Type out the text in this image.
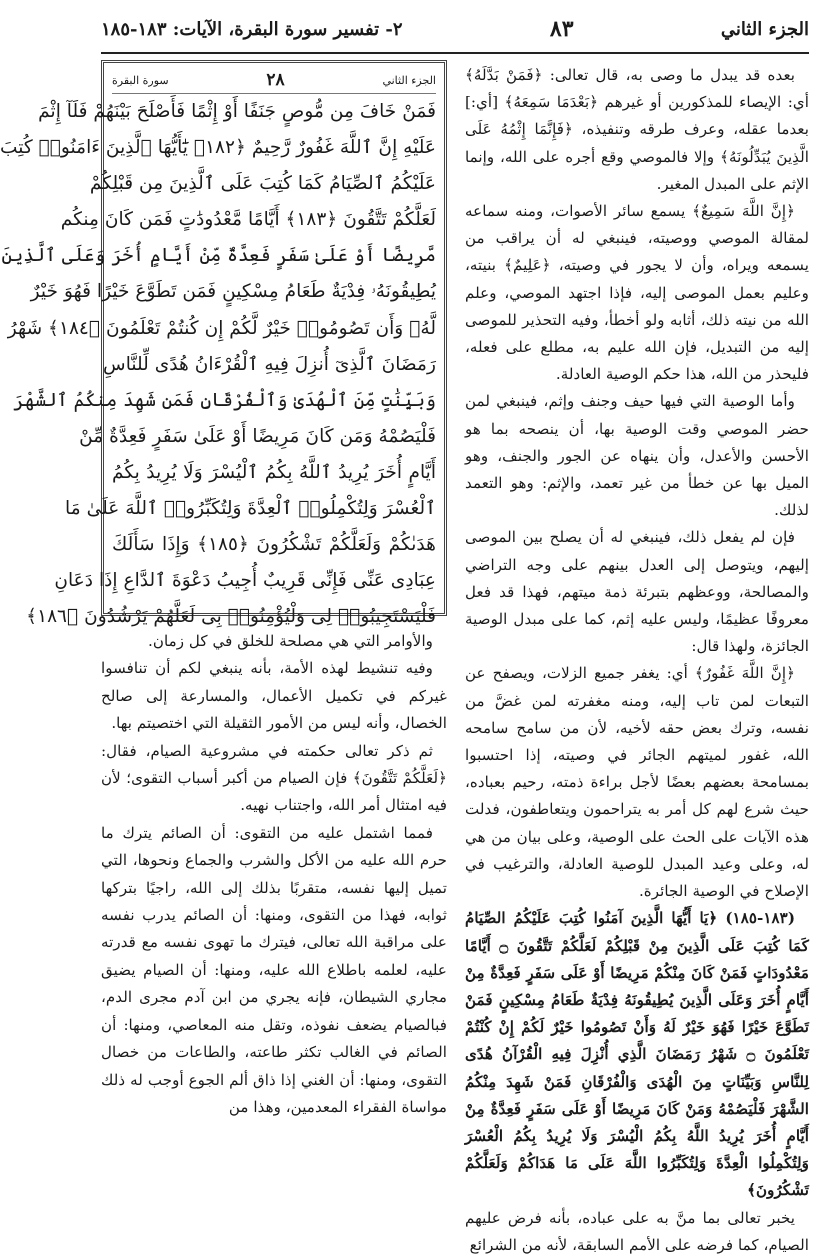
الجزء الثاني
٨٣
٢- تفسير سورة البقرة، الآيات: ١٨٣-١٨٥

بعده قد يبدل ما وصى به، قال تعالى: ﴿فَمَنْ بَدَّلَهُ﴾ أي: الإيصاء للمذكورين أو غيرهم ﴿بَعْدَمَا سَمِعَهُ﴾ [أي:] بعدما عقله، وعرف طرقه وتنفيذه، ﴿فَإِنَّمَا إِثْمُهُ عَلَى الَّذِينَ يُبَدِّلُونَهُ﴾ وإلا فالموصي وقع أجره على الله، وإنما الإثم على المبدل المغير.

﴿إِنَّ اللَّهَ سَمِيعٌ﴾ يسمع سائر الأصوات، ومنه سماعه لمقالة الموصي ووصيته، فينبغي له أن يراقب من يسمعه ويراه، وأن لا يجور في وصيته، ﴿عَلِيمٌ﴾ بنيته، وعليم بعمل الموصى إليه، فإذا اجتهد الموصي، وعلم الله من نيته ذلك، أثابه ولو أخطأ، وفيه التحذير للموصى إليه من التبديل، فإن الله عليم به، مطلع على فعله، فليحذر من الله، هذا حكم الوصية العادلة.

وأما الوصية التي فيها حيف وجنف وإثم، فينبغي لمن حضر الموصي وقت الوصية بها، أن ينصحه بما هو الأحسن والأعدل، وأن ينهاه عن الجور والجنف، وهو الميل بها عن خطأ من غير تعمد، والإثم: وهو التعمد لذلك.

فإن لم يفعل ذلك، فينبغي له أن يصلح بين الموصى إليهم، ويتوصل إلى العدل بينهم على وجه التراضي والمصالحة، ووعظهم بتبرئة ذمة ميتهم، فهذا قد فعل معروفًا عظيمًا، وليس عليه إثم، كما على مبدل الوصية الجائزة، ولهذا قال:

﴿إِنَّ اللَّهَ غَفُورٌ﴾ أي: يغفر جميع الزلات، ويصفح عن التبعات لمن تاب إليه، ومنه مغفرته لمن غضَّ من نفسه، وترك بعض حقه لأخيه، لأن من سامح سامحه الله، غفور لميتهم الجائر في وصيته، إذا احتسبوا بمسامحة بعضهم بعضًا لأجل براءة ذمته، رحيم بعباده، حيث شرع لهم كل أمر به يتراحمون ويتعاطفون، فدلت هذه الآيات على الحث على الوصية، وعلى بيان من هي له، وعلى وعيد المبدل للوصية العادلة، والترغيب في الإصلاح في الوصية الجائرة.

(١٨٣-١٨٥) ﴿يَا أَيُّهَا الَّذِينَ آمَنُوا كُتِبَ عَلَيْكُمُ الصِّيَامُ كَمَا كُتِبَ عَلَى الَّذِينَ مِنْ قَبْلِكُمْ لَعَلَّكُمْ تَتَّقُونَ ۝ أَيَّامًا مَعْدُودَاتٍ فَمَنْ كَانَ مِنْكُمْ مَرِيضًا أَوْ عَلَى سَفَرٍ فَعِدَّةٌ مِنْ أَيَّامٍ أُخَرَ وَعَلَى الَّذِينَ يُطِيقُونَهُ فِدْيَةٌ طَعَامُ مِسْكِينٍ فَمَنْ تَطَوَّعَ خَيْرًا فَهُوَ خَيْرٌ لَهُ وَأَنْ تَصُومُوا خَيْرٌ لَكُمْ إِنْ كُنْتُمْ تَعْلَمُونَ ۝ شَهْرُ رَمَضَانَ الَّذِي أُنْزِلَ فِيهِ الْقُرْآنُ هُدًى لِلنَّاسِ وَبَيِّنَاتٍ مِنَ الْهُدَى وَالْفُرْقَانِ فَمَنْ شَهِدَ مِنْكُمُ الشَّهْرَ فَلْيَصُمْهُ وَمَنْ كَانَ مَرِيضًا أَوْ عَلَى سَفَرٍ فَعِدَّةٌ مِنْ أَيَّامٍ أُخَرَ يُرِيدُ اللَّهُ بِكُمُ الْيُسْرَ وَلَا يُرِيدُ بِكُمُ الْعُسْرَ وَلِتُكْمِلُوا الْعِدَّةَ وَلِتُكَبِّرُوا اللَّهَ عَلَى مَا هَدَاكُمْ وَلَعَلَّكُمْ تَشْكُرُونَ﴾

يخبر تعالى بما منَّ به على عباده، بأنه فرض عليهم الصيام، كما فرضه على الأمم السابقة، لأنه من الشرائع

الجزء الثاني
٢٨
سورة البقرة
فَمَنْ خَافَ مِن مُّوصٍ جَنَفًا أَوْ إِثْمًا فَأَصْلَحَ بَيْنَهُمْ فَلَآ إِثْمَ
عَلَيْهِ إِنَّ ٱللَّهَ غَفُورٌ رَّحِيمٌ ﴿١٨٢﴾ يَٰٓأَيُّهَا ٱلَّذِينَ ءَامَنُوا۟ كُتِبَ
عَلَيْكُمُ ٱلصِّيَامُ كَمَا كُتِبَ عَلَى ٱلَّذِينَ مِن قَبْلِكُمْ
لَعَلَّكُمْ تَتَّقُونَ ﴿١٨٣﴾ أَيَّامًا مَّعْدُودَٰتٍ فَمَن كَانَ مِنكُم
مَّرِيضًا أَوْ عَلَىٰ سَفَرٍ فَعِدَّةٌ مِّنْ أَيَّامٍ أُخَرَ وَعَلَى ٱلَّذِينَ
يُطِيقُونَهُۥ فِدْيَةٌ طَعَامُ مِسْكِينٍ فَمَن تَطَوَّعَ خَيْرًا فَهُوَ خَيْرٌ
لَّهُۥ وَأَن تَصُومُوا۟ خَيْرٌ لَّكُمْ إِن كُنتُمْ تَعْلَمُونَ ﴿١٨٤﴾ شَهْرُ
رَمَضَانَ ٱلَّذِىٓ أُنزِلَ فِيهِ ٱلْقُرْءَانُ هُدًى لِّلنَّاسِ
وَبَيِّنَٰتٍ مِّنَ ٱلْهُدَىٰ وَٱلْفُرْقَانِ فَمَن شَهِدَ مِنكُمُ ٱلشَّهْرَ
فَلْيَصُمْهُ وَمَن كَانَ مَرِيضًا أَوْ عَلَىٰ سَفَرٍ فَعِدَّةٌ مِّنْ
أَيَّامٍ أُخَرَ يُرِيدُ ٱللَّهُ بِكُمُ ٱلْيُسْرَ وَلَا يُرِيدُ بِكُمُ
ٱلْعُسْرَ وَلِتُكْمِلُوا۟ ٱلْعِدَّةَ وَلِتُكَبِّرُوا۟ ٱللَّهَ عَلَىٰ مَا
هَدَىٰكُمْ وَلَعَلَّكُمْ تَشْكُرُونَ ﴿١٨٥﴾ وَإِذَا سَأَلَكَ
عِبَادِى عَنِّى فَإِنِّى قَرِيبٌ أُجِيبُ دَعْوَةَ ٱلدَّاعِ إِذَا دَعَانِ
فَلْيَسْتَجِيبُوا۟ لِى وَلْيُؤْمِنُوا۟ بِى لَعَلَّهُمْ يَرْشُدُونَ ﴿١٨٦﴾

والأوامر التي هي مصلحة للخلق في كل زمان.

وفيه تنشيط لهذه الأمة، بأنه ينبغي لكم أن تنافسوا غيركم في تكميل الأعمال، والمسارعة إلى صالح الخصال، وأنه ليس من الأمور الثقيلة التي اختصيتم بها.

ثم ذكر تعالى حكمته في مشروعية الصيام، فقال: ﴿لَعَلَّكُمْ تَتَّقُونَ﴾ فإن الصيام من أكبر أسباب التقوى؛ لأن فيه امتثال أمر الله، واجتناب نهيه.

فمما اشتمل عليه من التقوى: أن الصائم يترك ما حرم الله عليه من الأكل والشرب والجماع ونحوها، التي تميل إليها نفسه، متقربًا بذلك إلى الله، راجيًا بتركها ثوابه، فهذا من التقوى، ومنها: أن الصائم يدرب نفسه على مراقبة الله تعالى، فيترك ما تهوى نفسه مع قدرته عليه، لعلمه باطلاع الله عليه، ومنها: أن الصيام يضيق مجاري الشيطان، فإنه يجري من ابن آدم مجرى الدم، فبالصيام يضعف نفوذه، وتقل منه المعاصي، ومنها: أن الصائم في الغالب تكثر طاعته، والطاعات من خصال التقوى، ومنها: أن الغني إذا ذاق ألم الجوع أوجب له ذلك مواساة الفقراء المعدمين، وهذا من
